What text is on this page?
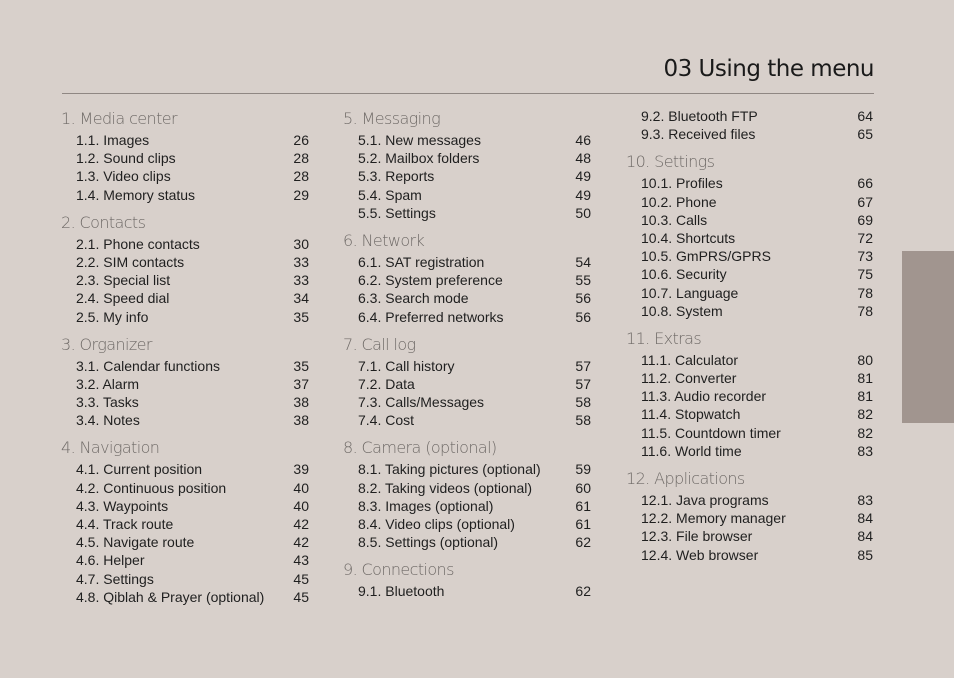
03 Using the menu
1. Media center
1.1. Images	26
1.2. Sound clips	28
1.3. Video clips	28
1.4. Memory status	29
2. Contacts
2.1. Phone contacts	30
2.2. SIM contacts	33
2.3. Special list	33
2.4. Speed dial	34
2.5. My info	35
3. Organizer
3.1. Calendar functions	35
3.2. Alarm	37
3.3. Tasks	38
3.4. Notes	38
4. Navigation
4.1. Current position	39
4.2. Continuous position	40
4.3. Waypoints	40
4.4. Track route	42
4.5. Navigate route	42
4.6. Helper	43
4.7. Settings	45
4.8. Qiblah & Prayer (optional)	45
5. Messaging
5.1. New messages	46
5.2. Mailbox folders	48
5.3. Reports	49
5.4. Spam	49
5.5. Settings	50
6. Network
6.1. SAT registration	54
6.2. System preference	55
6.3. Search mode	56
6.4. Preferred networks	56
7. Call log
7.1. Call history	57
7.2. Data	57
7.3. Calls/Messages	58
7.4. Cost	58
8. Camera (optional)
8.1. Taking pictures (optional)	59
8.2. Taking videos (optional)	60
8.3. Images (optional)	61
8.4. Video clips (optional)	61
8.5. Settings (optional)	62
9. Connections
9.1. Bluetooth	62
9.2. Bluetooth FTP	64
9.3. Received files	65
10. Settings
10.1. Profiles	66
10.2. Phone	67
10.3. Calls	69
10.4. Shortcuts	72
10.5. GmPRS/GPRS	73
10.6. Security	75
10.7. Language	78
10.8. System	78
11. Extras
11.1. Calculator	80
11.2. Converter	81
11.3. Audio recorder	81
11.4. Stopwatch	82
11.5. Countdown timer	82
11.6. World time	83
12. Applications
12.1. Java programs	83
12.2. Memory manager	84
12.3. File browser	84
12.4. Web browser	85
